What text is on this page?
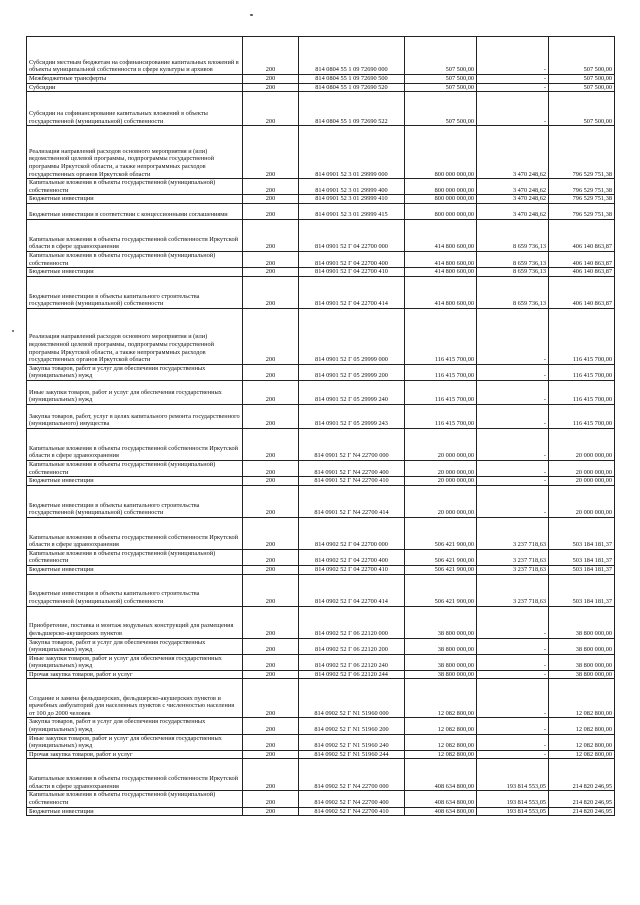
Субсидии местным бюджетам на софинансирование капитальных вложений в объекты муниципальной собственности в сфере культуры и архивов	200	814 0804 55 1 09 72690 000	507 500,00	-	507 500,00
Межбюджетные трансферты	200	814 0804 55 1 09 72690 500	507 500,00	-	507 500,00
Субсидии	200	814 0804 55 1 09 72690 520	507 500,00	-	507 500,00
Субсидии на софинансирование капитальных вложений в объекты государственной (муниципальной) собственности	200	814 0804 55 1 09 72690 522	507 500,00	-	507 500,00
Реализация направлений расходов основного мероприятия и (или) ведомственной целевой программы, подпрограммы государственной программы Иркутской области, а также непрограммных расходов государственных органов Иркутской области	200	814 0901 52 3 01 29999 000	800 000 000,00	3 470 248,62	796 529 751,38
Капитальные вложения в объекты государственной (муниципальной) собственности	200	814 0901 52 3 01 29999 400	800 000 000,00	3 470 248,62	796 529 751,38
Бюджетные инвестиции	200	814 0901 52 3 01 29999 410	800 000 000,00	3 470 248,62	796 529 751,38
Бюджетные инвестиции в соответствии с концессионными соглашениями	200	814 0901 52 3 01 29999 415	800 000 000,00	3 470 248,62	796 529 751,38
Капитальные вложения в объекты государственной собственности Иркутской области в сфере здравоохранения	200	814 0901 52 Г 04 22700 000	414 800 600,00	8 659 736,13	406 140 863,87
Капитальные вложения в объекты государственной (муниципальной) собственности	200	814 0901 52 Г 04 22700 400	414 800 600,00	8 659 736,13	406 140 863,87
Бюджетные инвестиции	200	814 0901 52 Г 04 22700 410	414 800 600,00	8 659 736,13	406 140 863,87
Бюджетные инвестиции в объекты капитального строительства государственной (муниципальной) собственности	200	814 0901 52 Г 04 22700 414	414 800 600,00	8 659 736,13	406 140 863,87
Реализация направлений расходов основного мероприятия и (или) ведомственной целевой программы, подпрограммы государственной программы Иркутской области, а также непрограммных расходов государственных органов Иркутской области	200	814 0901 52 Г 05 29999 000	116 415 700,00	-	116 415 700,00
Закупка товаров, работ и услуг для обеспечения государственных (муниципальных) нужд	200	814 0901 52 Г 05 29999 200	116 415 700,00	-	116 415 700,00
Иные закупки товаров, работ и услуг для обеспечения государственных (муниципальных) нужд	200	814 0901 52 Г 05 29999 240	116 415 700,00	-	116 415 700,00
Закупка товаров, работ, услуг в целях капитального ремонта государственного (муниципального) имущества	200	814 0901 52 Г 05 29999 243	116 415 700,00	-	116 415 700,00
Капитальные вложения в объекты государственной собственности Иркутской области в сфере здравоохранения	200	814 0901 52 Г N4 22700 000	20 000 000,00	-	20 000 000,00
Капитальные вложения в объекты государственной (муниципальной) собственности	200	814 0901 52 Г N4 22700 400	20 000 000,00	-	20 000 000,00
Бюджетные инвестиции	200	814 0901 52 Г N4 22700 410	20 000 000,00	-	20 000 000,00
Бюджетные инвестиции в объекты капитального строительства государственной (муниципальной) собственности	200	814 0901 52 Г N4 22700 414	20 000 000,00	-	20 000 000,00
Капитальные вложения в объекты государственной собственности Иркутской области в сфере здравоохранения	200	814 0902 52 Г 04 22700 000	506 421 900,00	3 237 718,63	503 184 181,37
Капитальные вложения в объекты государственной (муниципальной) собственности	200	814 0902 52 Г 04 22700 400	506 421 900,00	3 237 718,63	503 184 181,37
Бюджетные инвестиции	200	814 0902 52 Г 04 22700 410	506 421 900,00	3 237 718,63	503 184 181,37
Бюджетные инвестиции в объекты капитального строительства государственной (муниципальной) собственности	200	814 0902 52 Г 04 22700 414	506 421 900,00	3 237 718,63	503 184 181,37
Приобретение, поставка и монтаж модульных конструкций для размещения фельдшерско-акушерских пунктов	200	814 0902 52 Г 06 22120 000	38 800 000,00	-	38 800 000,00
Закупка товаров, работ и услуг для обеспечения государственных (муниципальных) нужд	200	814 0902 52 Г 06 22120 200	38 800 000,00	-	38 800 000,00
Иные закупки товаров, работ и услуг для обеспечения государственных (муниципальных) нужд	200	814 0902 52 Г 06 22120 240	38 800 000,00	-	38 800 000,00
Прочая закупка товаров, работ и услуг	200	814 0902 52 Г 06 22120 244	38 800 000,00	-	38 800 000,00
Создание и замена фельдшерских, фельдшерско-акушерских пунктов и врачебных амбулаторий для населенных пунктов с численностью населения от 100 до 2000 человек	200	814 0902 52 Г N1 51960 000	12 082 800,00	-	12 082 800,00
Закупка товаров, работ и услуг для обеспечения государственных (муниципальных) нужд	200	814 0902 52 Г N1 51960 200	12 082 800,00	-	12 082 800,00
Иные закупки товаров, работ и услуг для обеспечения государственных (муниципальных) нужд	200	814 0902 52 Г N1 51960 240	12 082 800,00	-	12 082 800,00
Прочая закупка товаров, работ и услуг	200	814 0902 52 Г N1 51960 244	12 082 800,00	-	12 082 800,00
Капитальные вложения в объекты государственной собственности Иркутской области в сфере здравоохранения	200	814 0902 52 Г N4 22700 000	408 634 800,00	193 814 553,05	214 820 246,95
Капитальные вложения в объекты государственной (муниципальной) собственности	200	814 0902 52 Г N4 22700 400	408 634 800,00	193 814 553,05	214 820 246,95
Бюджетные инвестиции	200	814 0902 52 Г N4 22700 410	408 634 800,00	193 814 553,05	214 820 246,95
